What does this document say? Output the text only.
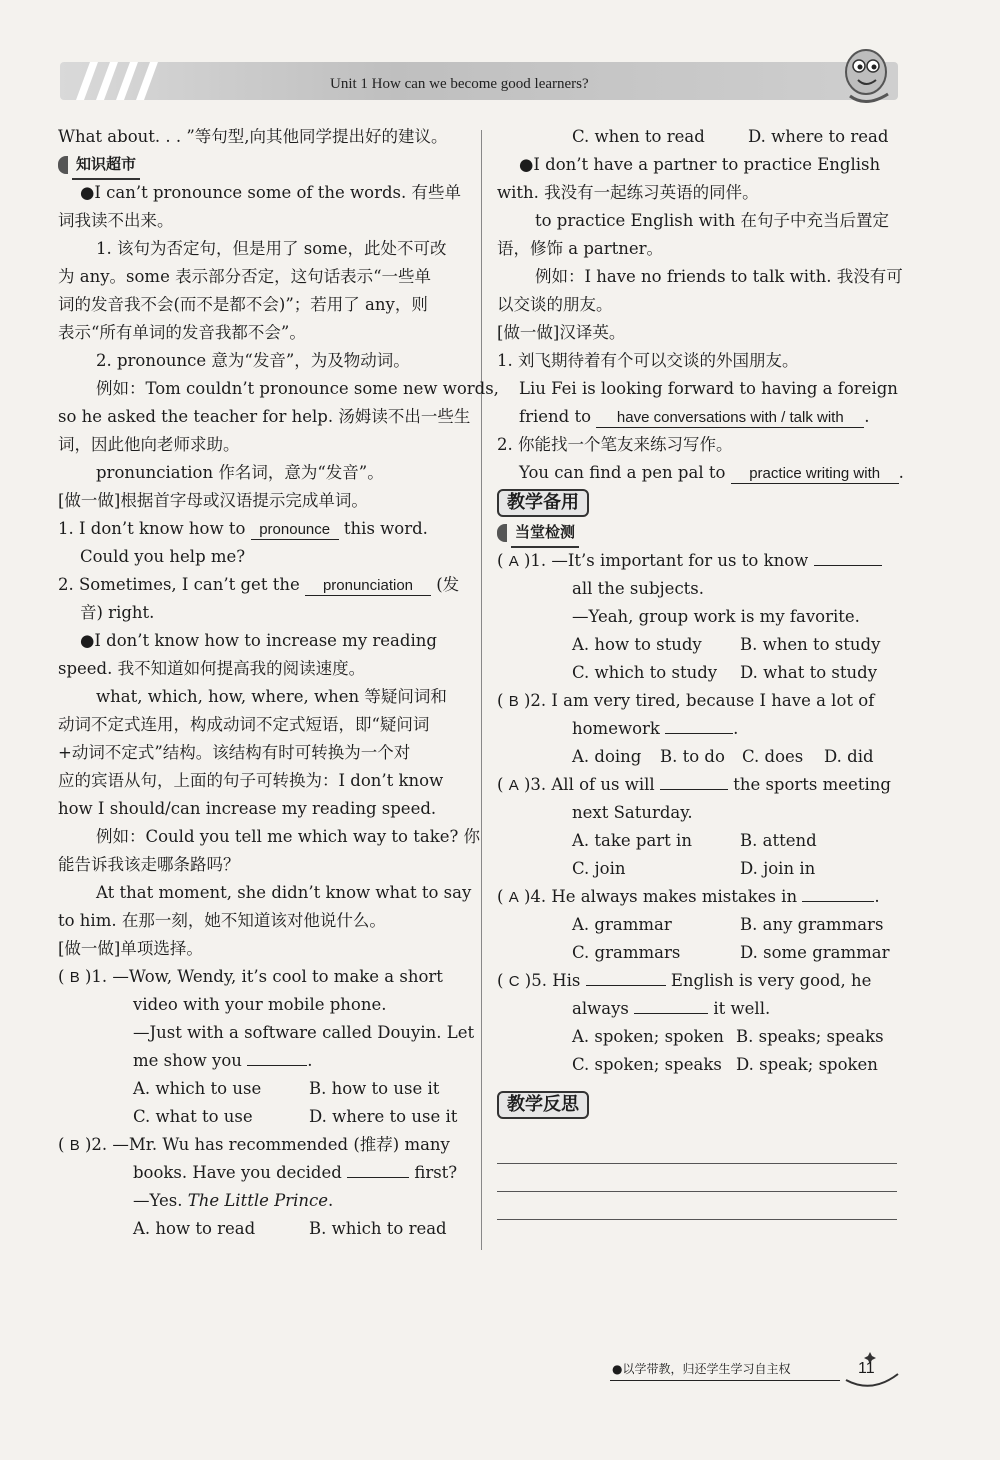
Unit 1 How can we become good learners?
What about. . . ”等句型,向其他同学提出好的建议。
知识超市
●I can’t pronounce some of the words. 有些单
词我读不出来。
1. 该句为否定句，但是用了 some，此处不可改
为 any。some 表示部分否定，这句话表示“一些单
词的发音我不会(而不是都不会)”；若用了 any，则
表示“所有单词的发音我都不会”。
2. pronounce 意为“发音”，为及物动词。
例如：Tom couldn’t pronounce some new words,
so he asked the teacher for help. 汤姆读不出一些生
词，因此他向老师求助。
pronunciation 作名词，意为“发音”。
[做一做]根据首字母或汉语提示完成单词。
1. I don’t know how to pronounce this word.
Could you help me?
2. Sometimes, I can’t get the pronunciation (发
音) right.
●I don’t know how to increase my reading
speed. 我不知道如何提高我的阅读速度。
what, which, how, where, when 等疑问词和
动词不定式连用，构成动词不定式短语，即“疑问词
+动词不定式”结构。该结构有时可转换为一个对
应的宾语从句，上面的句子可转换为：I don’t know
how I should/can increase my reading speed.
例如：Could you tell me which way to take? 你
能告诉我该走哪条路吗？
At that moment, she didn’t know what to say
to him. 在那一刻，她不知道该对他说什么。
[做一做]单项选择。
( B )1. —Wow, Wendy, it’s cool to make a short
video with your mobile phone.
—Just with a software called Douyin. Let
me show you	.
A. which to use	B. how to use it
C. what to use	D. where to use it
( B )2. —Mr. Wu has recommended (推荐) many
books. Have you decided	first?
—Yes. The Little Prince.
A. how to read	B. which to read
C. when to read	D. where to read
●I don’t have a partner to practice English
with. 我没有一起练习英语的同伴。
to practice English with 在句子中充当后置定
语，修饰 a partner。
例如：I have no friends to talk with. 我没有可
以交谈的朋友。
[做一做]汉译英。
1. 刘飞期待着有个可以交谈的外国朋友。
Liu Fei is looking forward to having a foreign
friend to have conversations with / talk with .
2. 你能找一个笔友来练习写作。
You can find a pen pal to practice writing with .
教学备用
当堂检测
( A )1. —It’s important for us to know
all the subjects.
—Yeah, group work is my favorite.
A. how to study	B. when to study
C. which to study	D. what to study
( B )2. I am very tired, because I have a lot of
homework	.
A. doing	B. to do	C. does	D. did
( A )3. All of us will	the sports meeting
next Saturday.
A. take part in	B. attend
C. join	D. join in
( A )4. He always makes mistakes in	.
A. grammar	B. any grammars
C. grammars	D. some grammar
( C )5. His	English is very good, he
always	it well.
A. spoken; spoken B. speaks; speaks
C. spoken; speaks D. speak; spoken
教学反思
●以学带教，归还学生学习自主权	11
